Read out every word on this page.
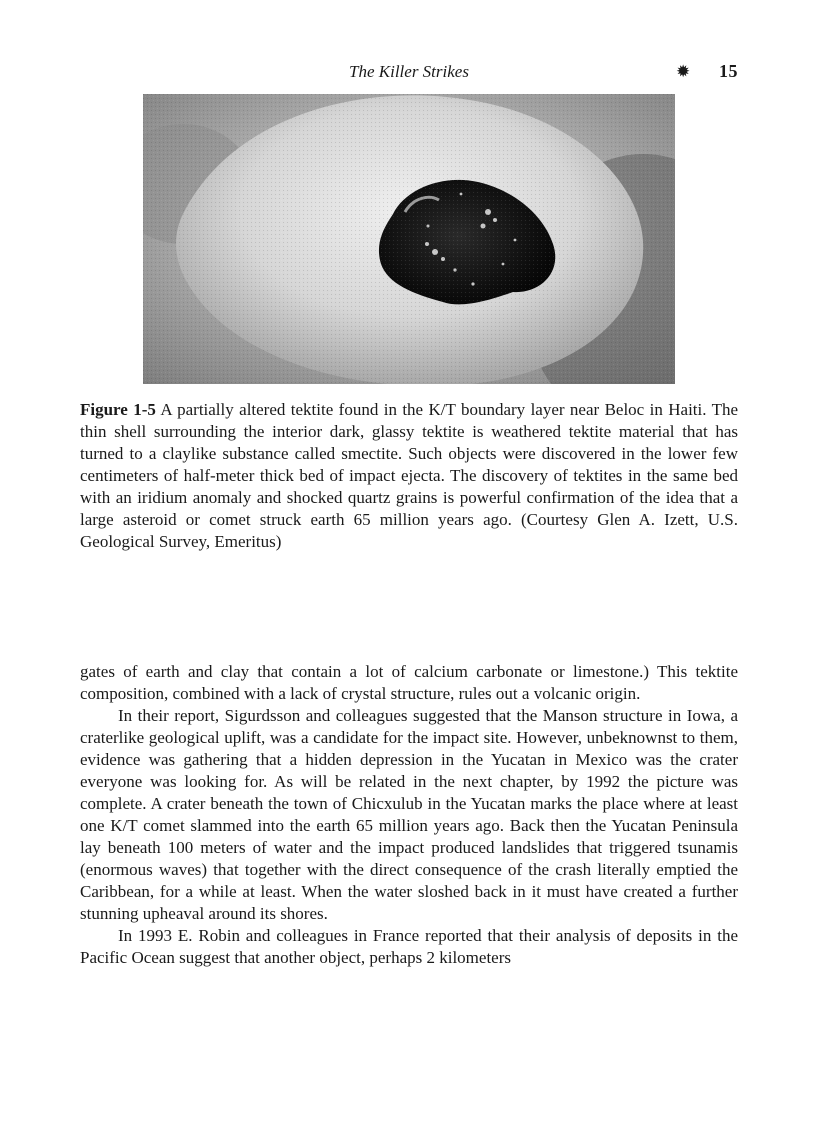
The Killer Strikes	✹ 15
Figure 1-5 A partially altered tektite found in the K/T boundary layer near Beloc in Haiti. The thin shell surrounding the interior dark, glassy tektite is weathered tektite material that has turned to a claylike substance called smectite. Such objects were discovered in the lower few centimeters of half-meter thick bed of impact ejecta. The discovery of tektites in the same bed with an iridium anomaly and shocked quartz grains is powerful confirmation of the idea that a large asteroid or comet struck earth 65 million years ago. (Courtesy Glen A. Izett, U.S. Geological Survey, Emeritus)

gates of earth and clay that contain a lot of calcium carbonate or limestone.) This tektite composition, combined with a lack of crystal structure, rules out a volcanic origin.

In their report, Sigurdsson and colleagues suggested that the Manson structure in Iowa, a craterlike geological uplift, was a candidate for the impact site. However, unbeknownst to them, evidence was gathering that a hidden depression in the Yucatan in Mexico was the crater everyone was looking for. As will be related in the next chapter, by 1992 the picture was complete. A crater beneath the town of Chicxulub in the Yucatan marks the place where at least one K/T comet slammed into the earth 65 million years ago. Back then the Yucatan Peninsula lay beneath 100 meters of water and the impact produced landslides that triggered tsunamis (enormous waves) that together with the direct consequence of the crash literally emptied the Caribbean, for a while at least. When the water sloshed back in it must have created a further stunning upheaval around its shores.

In 1993 E. Robin and colleagues in France reported that their analysis of deposits in the Pacific Ocean suggest that another object, perhaps 2 kilometers
